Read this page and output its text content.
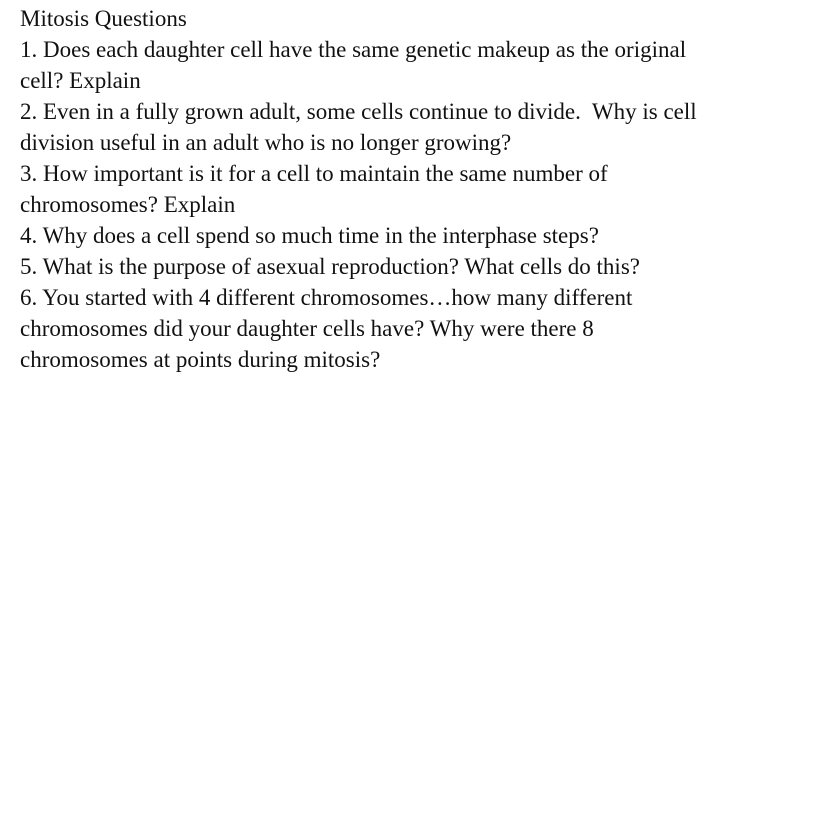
Mitosis Questions
1. Does each daughter cell have the same genetic makeup as the original
cell? Explain
2. Even in a fully grown adult, some cells continue to divide.  Why is cell
division useful in an adult who is no longer growing?
3. How important is it for a cell to maintain the same number of
chromosomes? Explain
4. Why does a cell spend so much time in the interphase steps?
5. What is the purpose of asexual reproduction? What cells do this?
6. You started with 4 different chromosomes…how many different
chromosomes did your daughter cells have? Why were there 8
chromosomes at points during mitosis?
